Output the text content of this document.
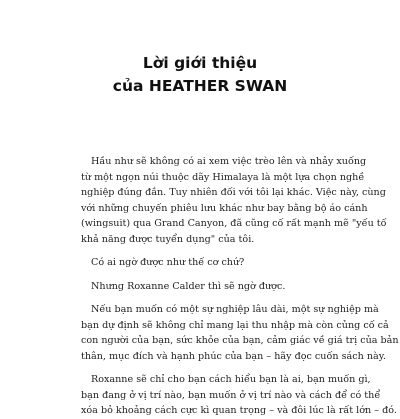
Lời giới thiệu
của HEATHER SWAN
Hầu như sẽ không có ai xem việc trèo lên và nhảy xuống
từ một ngọn núi thuộc dãy Himalaya là một lựa chọn nghề
nghiệp đúng đắn. Tuy nhiên đối với tôi lại khác. Việc này, cùng
với những chuyến phiêu lưu khác như bay bằng bộ áo cánh
(wingsuit) qua Grand Canyon, đã cũng cố rất mạnh mẽ "yếu tố
khả năng được tuyển dụng" của tôi.
Có ai ngờ được như thế cơ chứ?
Nhưng Roxanne Calder thì sẽ ngờ được.
Nếu bạn muốn có một sự nghiệp lâu dài, một sự nghiệp mà
bạn dự định sẽ không chỉ mang lại thu nhập mà còn củng cố cả
con người của bạn, sức khỏe của bạn, cảm giác về giá trị của bản
thân, mục đích và hạnh phúc của bạn – hãy đọc cuốn sách này.
Roxanne sẽ chỉ cho bạn cách hiểu bạn là ai, bạn muốn gì,
bạn đang ở vị trí nào, bạn muốn ở vị trí nào và cách để có thể
xóa bỏ khoảng cách cực kì quan trọng – và đôi lúc là rất lớn – đó.
